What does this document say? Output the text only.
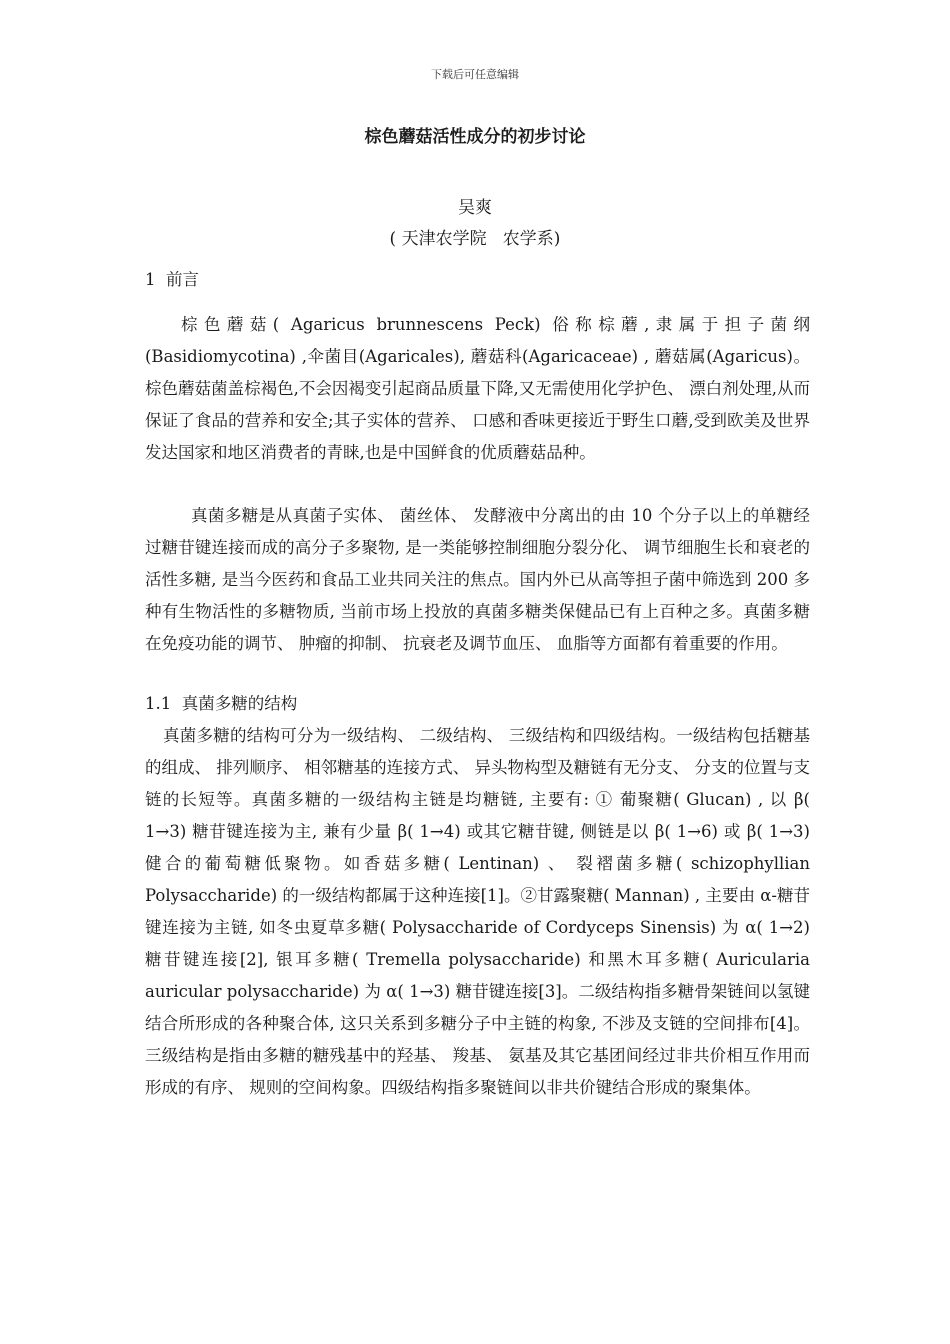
下载后可任意编辑
棕色蘑菇活性成分的初步讨论
吴爽
( 天津农学院   农学系)
1  前言

棕色蘑菇( Agaricus brunnescens Peck) 俗称棕蘑,隶属于担子菌纲(Basidiomycotina) ,伞菌目(Agaricales), 蘑菇科(Agaricaceae) , 蘑菇属(Agaricus)。棕色蘑菇菌盖棕褐色,不会因褐变引起商品质量下降,又无需使用化学护色、 漂白剂处理,从而保证了食品的营养和安全;其子实体的营养、 口感和香味更接近于野生口蘑,受到欧美及世界发达国家和地区消费者的青睐,也是中国鲜食的优质蘑菇品种。

真菌多糖是从真菌子实体、 菌丝体、 发酵液中分离出的由 10 个分子以上的单糖经过糖苷键连接而成的高分子多聚物, 是一类能够控制细胞分裂分化、 调节细胞生长和衰老的活性多糖, 是当今医药和食品工业共同关注的焦点。国内外已从高等担子菌中筛选到 200 多种有生物活性的多糖物质, 当前市场上投放的真菌多糖类保健品已有上百种之多。真菌多糖在免疫功能的调节、 肿瘤的抑制、 抗衰老及调节血压、 血脂等方面都有着重要的作用。

1.1  真菌多糖的结构

真菌多糖的结构可分为一级结构、 二级结构、 三级结构和四级结构。一级结构包括糖基的组成、 排列顺序、 相邻糖基的连接方式、 异头物构型及糖链有无分支、 分支的位置与支链的长短等。真菌多糖的一级结构主链是均糖链, 主要有: ① 葡聚糖( Glucan) , 以 β( 1→3) 糖苷键连接为主, 兼有少量 β( 1→4) 或其它糖苷键, 侧链是以 β( 1→6) 或 β( 1→3) 健合的葡萄糖低聚物。如香菇多糖( Lentinan) 、 裂褶菌多糖( schizophyllian Polysaccharide) 的一级结构都属于这种连接[1]。②甘露聚糖( Mannan) , 主要由 α-糖苷键连接为主链, 如冬虫夏草多糖( Polysaccharide of Cordyceps Sinensis) 为 α( 1→2) 糖苷键连接[2], 银耳多糖( Tremella polysaccharide) 和黑木耳多糖( Auricularia auricular polysaccharide) 为 α( 1→3) 糖苷键连接[3]。二级结构指多糖骨架链间以氢键结合所形成的各种聚合体, 这只关系到多糖分子中主链的构象, 不涉及支链的空间排布[4]。三级结构是指由多糖的糖残基中的羟基、 羧基、 氨基及其它基团间经过非共价相互作用而形成的有序、 规则的空间构象。四级结构指多聚链间以非共价键结合形成的聚集体。
